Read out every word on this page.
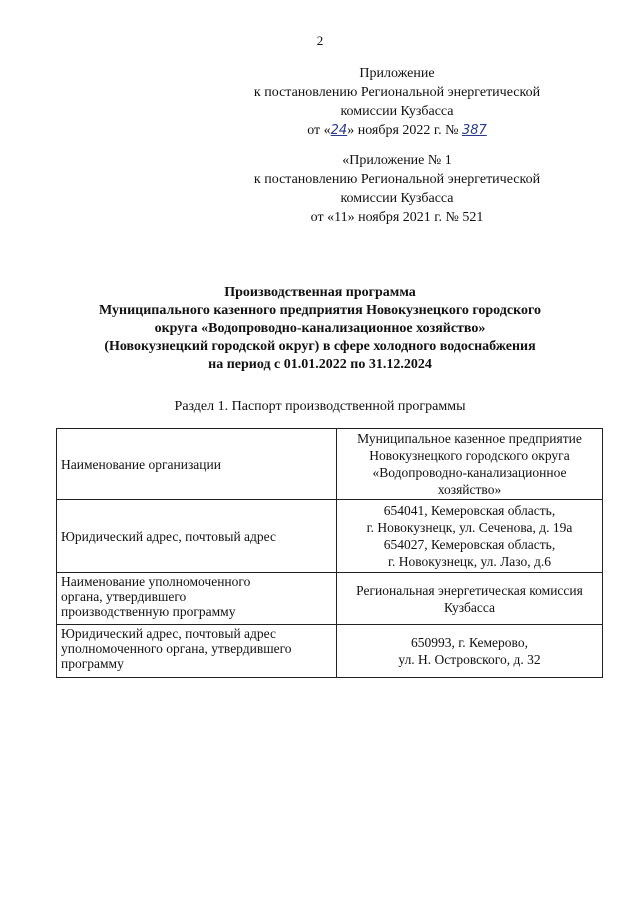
2
Приложение
к постановлению Региональной энергетической
комиссии Кузбасса
от «24» ноября 2022 г. № 387
«Приложение № 1
к постановлению Региональной энергетической
комиссии Кузбасса
от «11» ноября 2021 г. № 521
Производственная программа
Муниципального казенного предприятия Новокузнецкого городского
округа «Водопроводно-канализационное хозяйство»
(Новокузнецкий городской округ) в сфере холодного водоснабжения
на период с 01.01.2022 по 31.12.2024
Раздел 1. Паспорт производственной программы
Наименование организации	Муниципальное казенное предприятие
Новокузнецкого городского округа
«Водопроводно-канализационное
хозяйство»

Юридический адрес, почтовый адрес	654041, Кемеровская область,
г. Новокузнецк, ул. Сеченова, д. 19а
654027, Кемеровская область,
г. Новокузнецк, ул. Лазо, д.6

Наименование уполномоченного
органа, утвердившего
производственную программу	Региональная энергетическая комиссия
Кузбасса

Юридический адрес, почтовый адрес
уполномоченного органа, утвердившего
программу	650993, г. Кемерово,
ул. Н. Островского, д. 32
